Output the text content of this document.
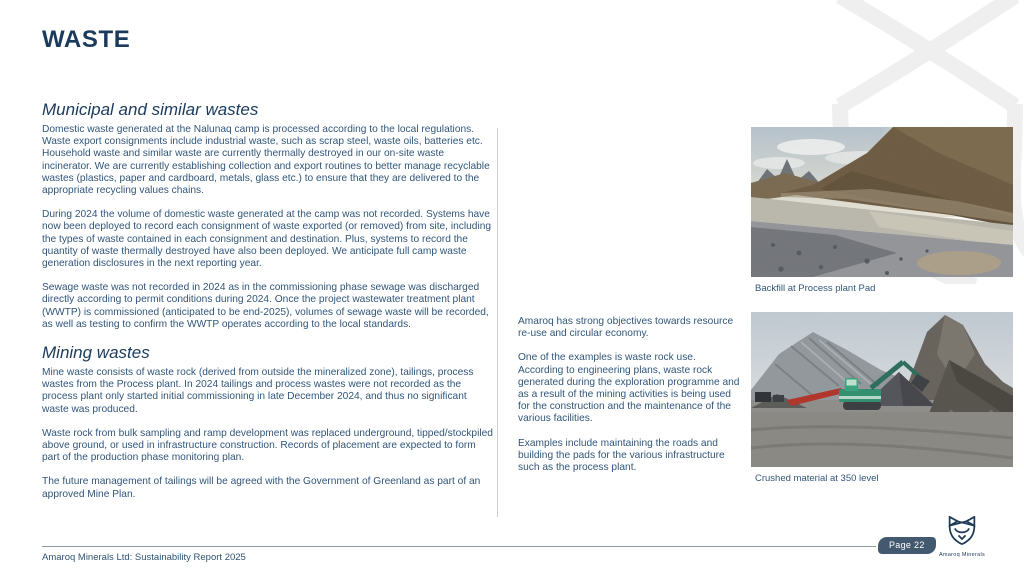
WASTE
Municipal and similar wastes

Domestic waste generated at the Nalunaq camp is processed according to the local regulations. Waste export consignments include industrial waste, such as scrap steel, waste oils, batteries etc. Household waste and similar waste are currently thermally destroyed in our on-site waste incinerator. We are currently establishing collection and export routines to better manage recyclable wastes (plastics, paper and cardboard, metals, glass etc.) to ensure that they are delivered to the appropriate recycling values chains.

During 2024 the volume of domestic waste generated at the camp was not recorded. Systems have now been deployed to record each consignment of waste exported (or removed) from site, including the types of waste contained in each consignment and destination. Plus, systems to record the quantity of waste thermally destroyed have also been deployed. We anticipate full camp waste generation disclosures in the next reporting year.

Sewage waste was not recorded in 2024 as in the commissioning phase sewage was discharged directly according to permit conditions during 2024. Once the project wastewater treatment plant (WWTP) is commissioned (anticipated to be end-2025), volumes of sewage waste will be recorded, as well as testing to confirm the WWTP operates according to the local standards.

Mining wastes

Mine waste consists of waste rock (derived from outside the mineralized zone), tailings, process wastes from the Process plant. In 2024 tailings and process wastes were not recorded as the process plant only started initial commissioning in late December 2024, and thus no significant waste was produced.

Waste rock from bulk sampling and ramp development was replaced underground, tipped/stockpiled above ground, or used in infrastructure construction. Records of placement are expected to form part of the production phase monitoring plan.

The future management of tailings will be agreed with the Government of Greenland as part of an approved Mine Plan.

Amaroq has strong objectives towards resource re-use and circular economy.

One of the examples is waste rock use. According to engineering plans, waste rock generated during the exploration programme and as a result of the mining activities is being used for the construction and the maintenance of the various facilities.

Examples include maintaining the roads and building the pads for the various infrastructure such as the process plant.

Backfill at Process plant Pad
Crushed material at 350 level
Amaroq Minerals Ltd: Sustainability Report 2025
Page 22
Amaroq Minerals
